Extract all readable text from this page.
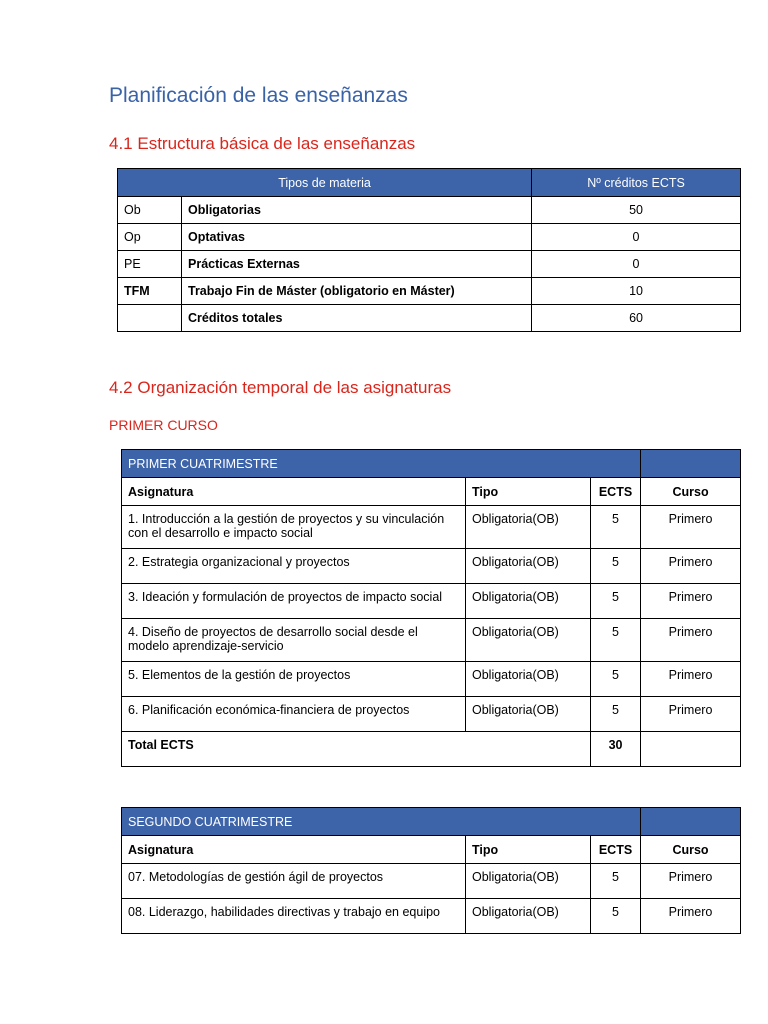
Planificación de las enseñanzas
4.1 Estructura básica de las enseñanzas
Tipos de materia		Nº créditos ECTS
Ob	Obligatorias	50
Op	Optativas	0
PE	Prácticas Externas	0
TFM	Trabajo Fin de Máster (obligatorio en Máster)	10
	Créditos totales	60
4.2 Organización temporal de las asignaturas
PRIMER CURSO
PRIMER CUATRIMESTRE			
Asignatura	Tipo	ECTS	Curso
1. Introducción a la gestión de proyectos y su vinculación con el desarrollo e impacto social	Obligatoria(OB)	5	Primero
2. Estrategia organizacional y proyectos	Obligatoria(OB)	5	Primero
3. Ideación y formulación de proyectos de impacto social	Obligatoria(OB)	5	Primero
4. Diseño de proyectos de desarrollo social desde el modelo aprendizaje-servicio	Obligatoria(OB)	5	Primero
5. Elementos de la gestión de proyectos	Obligatoria(OB)	5	Primero
6. Planificación económica-financiera de proyectos	Obligatoria(OB)	5	Primero
Total ECTS		30	
SEGUNDO CUATRIMESTRE			
Asignatura	Tipo	ECTS	Curso
07. Metodologías de gestión ágil de proyectos	Obligatoria(OB)	5	Primero
08. Liderazgo, habilidades directivas y trabajo en equipo	Obligatoria(OB)	5	Primero
